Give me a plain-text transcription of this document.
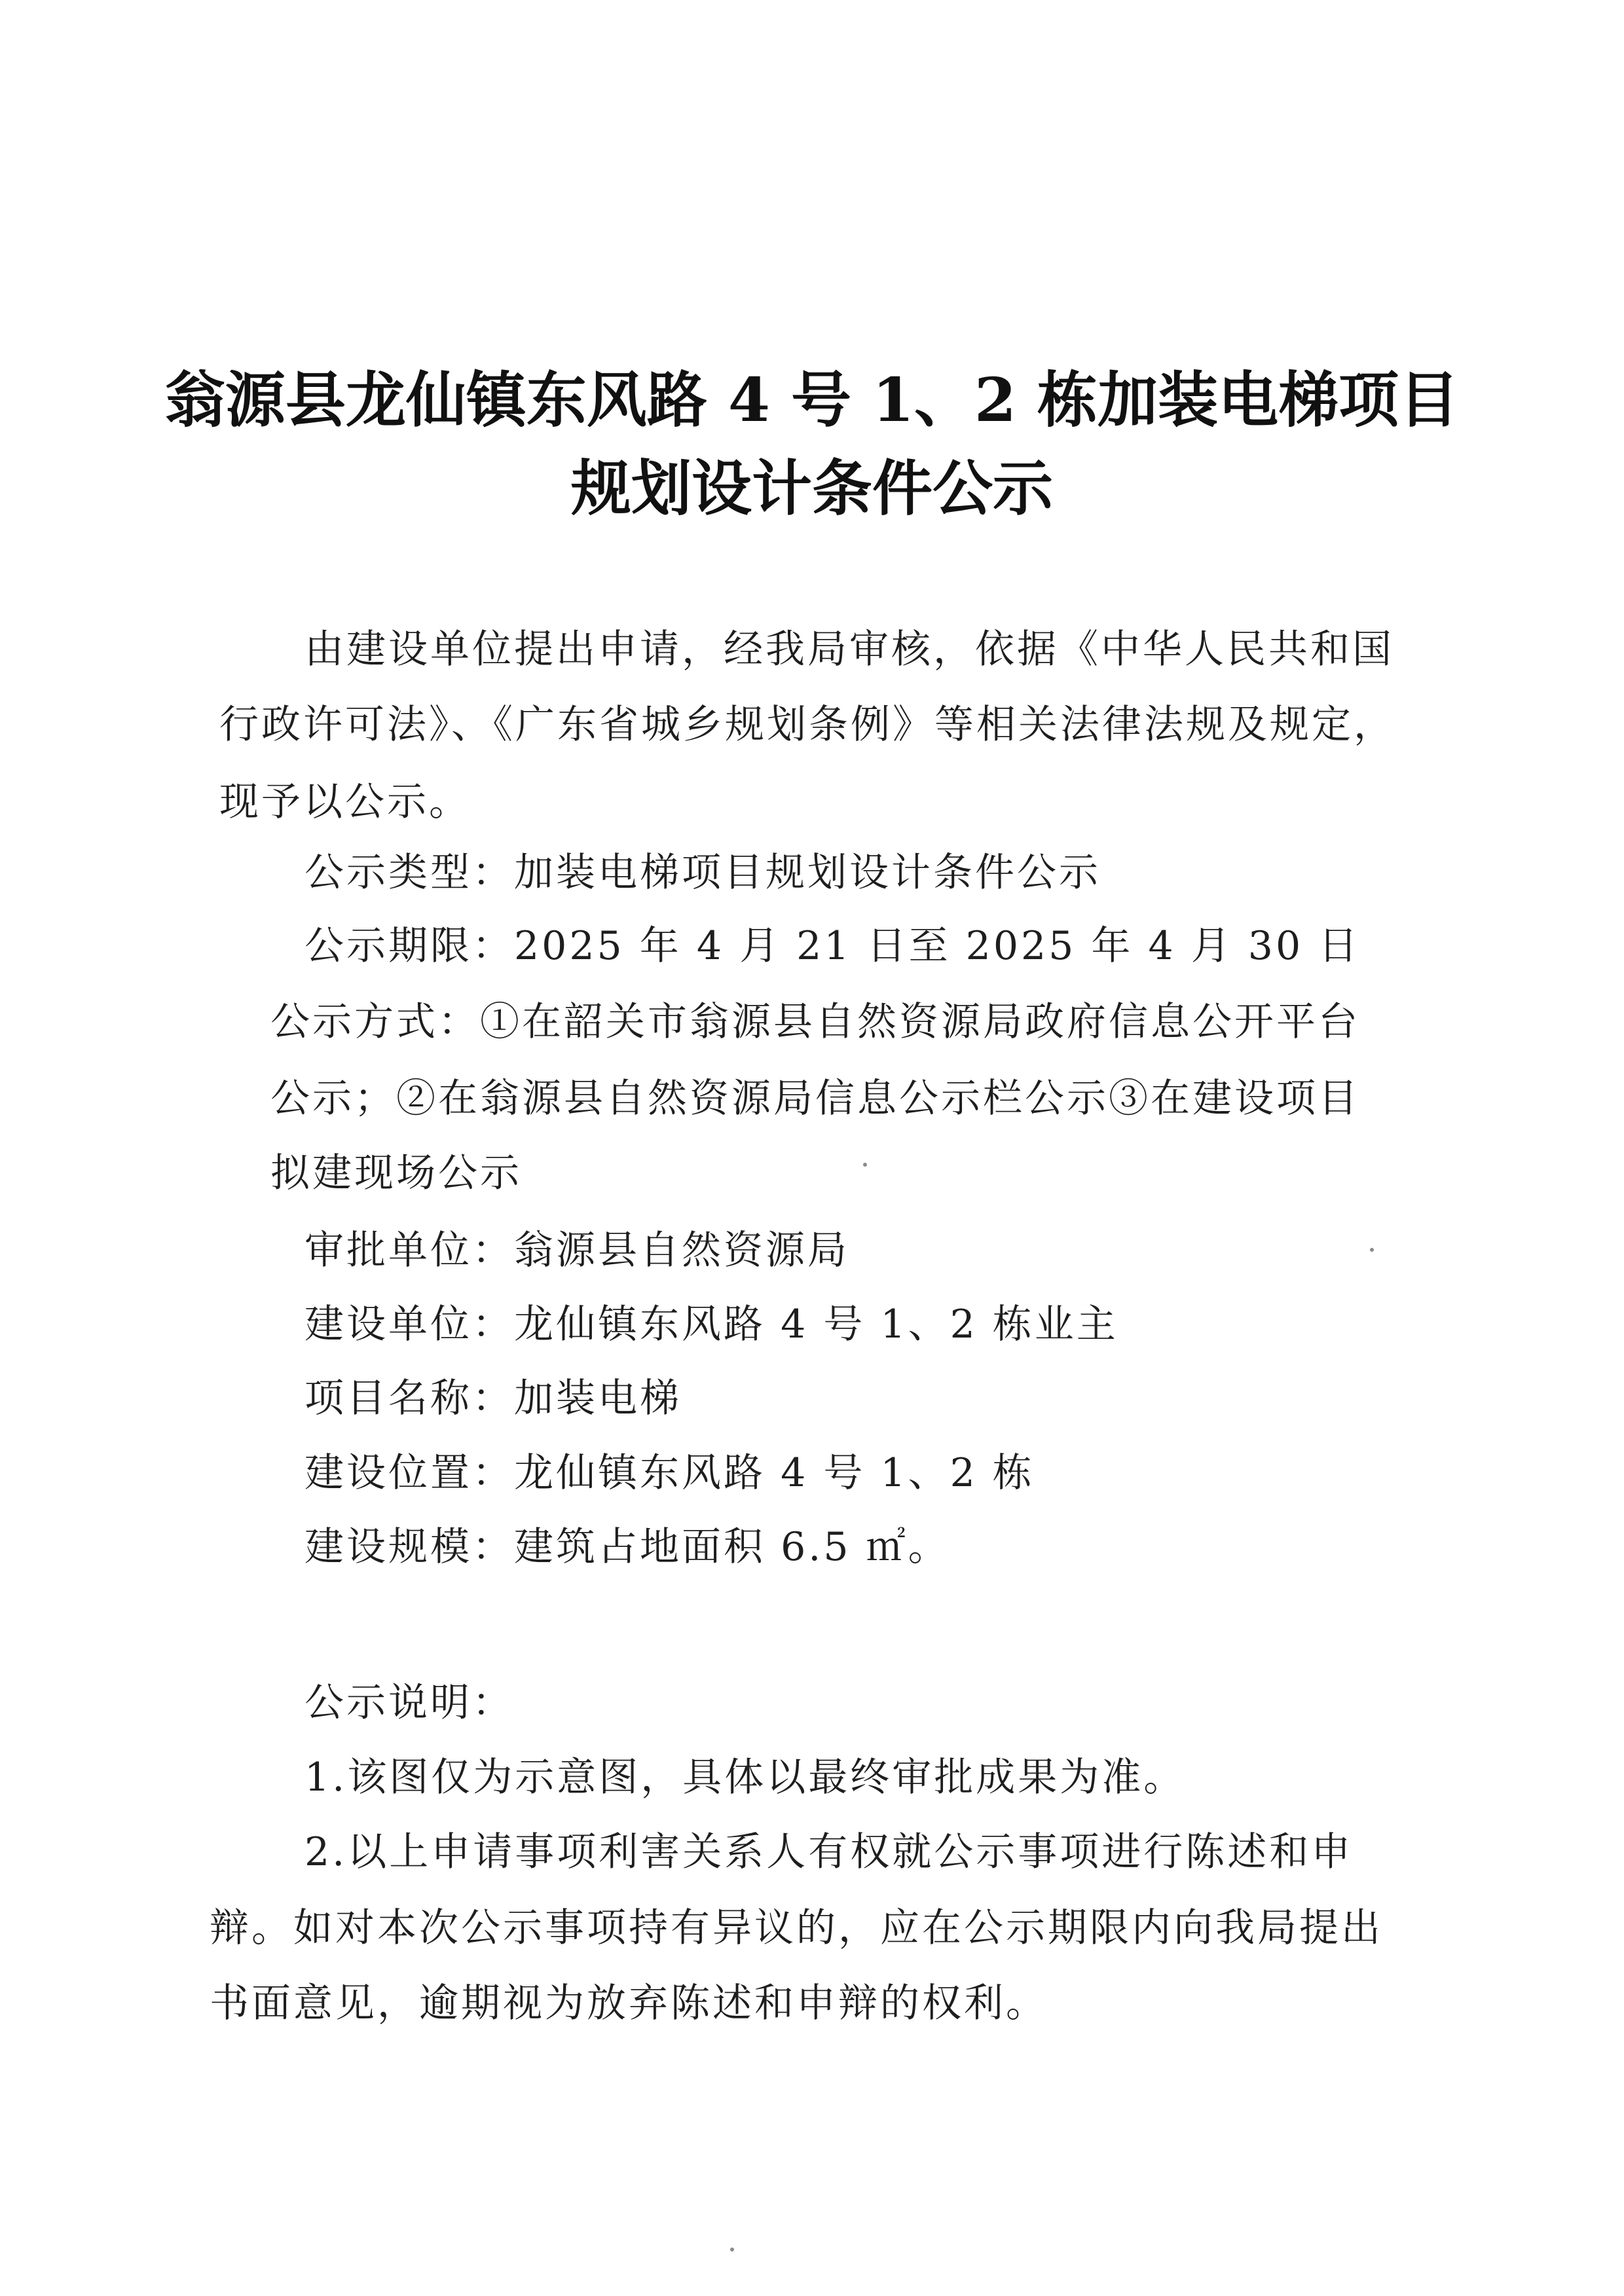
翁源县龙仙镇东风路 4 号 1、2 栋加装电梯项目
规划设计条件公示
由建设单位提出申请，经我局审核，依据《中华人民共和国
行政许可法》、《广东省城乡规划条例》等相关法律法规及规定，
现予以公示。
公示类型：加装电梯项目规划设计条件公示
公示期限：2025 年 4 月 21 日至 2025 年 4 月 30 日
公示方式：①在韶关市翁源县自然资源局政府信息公开平台
公示；②在翁源县自然资源局信息公示栏公示③在建设项目
拟建现场公示
审批单位：翁源县自然资源局
建设单位：龙仙镇东风路 4 号 1、2 栋业主
项目名称：加装电梯
建设位置：龙仙镇东风路 4 号 1、2 栋
建设规模：建筑占地面积 6.5 ㎡。
公示说明：
1.该图仅为示意图，具体以最终审批成果为准。
2.以上申请事项利害关系人有权就公示事项进行陈述和申
辩。如对本次公示事项持有异议的，应在公示期限内向我局提出
书面意见，逾期视为放弃陈述和申辩的权利。
